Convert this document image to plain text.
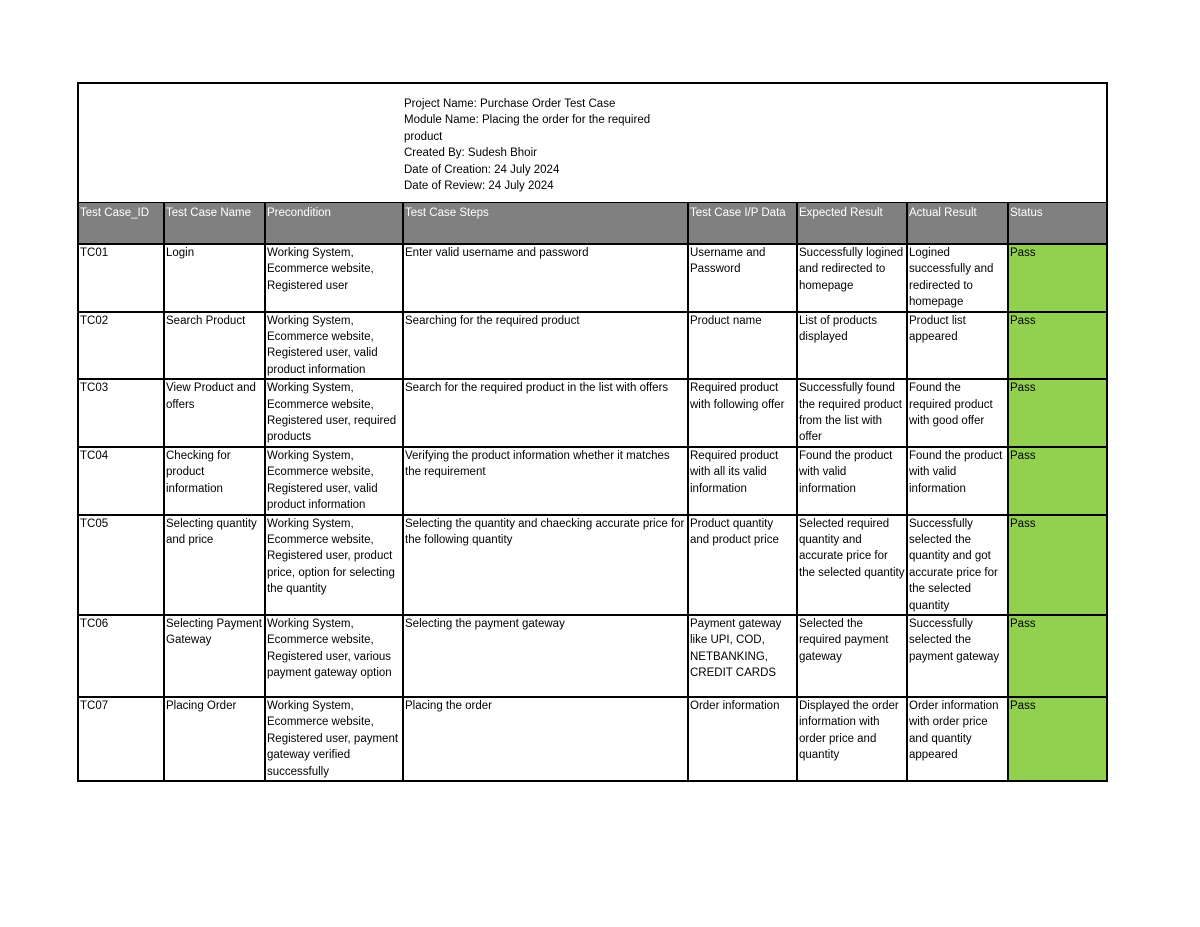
Project Name: Purchase Order Test Case
Module Name: Placing the order for the required product
Created By: Sudesh Bhoir
Date of Creation: 24 July 2024
Date of Review: 24 July 2024
Test Case_ID	Test Case Name	Precondition	Test Case Steps	Test Case I/P Data	Expected Result	Actual Result	Status
TC01	Login	Working System, Ecommerce website, Registered user	Enter valid username and password	Username and Password	Successfully logined and redirected to homepage	Logined successfully and redirected to homepage	Pass
TC02	Search Product	Working System, Ecommerce website, Registered user, valid product information	Searching for the required product	Product name	List of products displayed	Product list appeared	Pass
TC03	View Product and offers	Working System, Ecommerce website, Registered user, required products	Search for the required product in the list with offers	Required product with following offer	Successfully found the required product from the list with offer	Found the required product with good offer	Pass
TC04	Checking for product information	Working System, Ecommerce website, Registered user, valid product information	Verifying the product information whether it matches the requirement	Required product with all its valid information	Found the product with valid information	Found the product with valid information	Pass
TC05	Selecting quantity and price	Working System, Ecommerce website, Registered user, product price, option for selecting the quantity	Selecting the quantity and chaecking accurate price for the following quantity	Product quantity and product price	Selected required quantity and accurate price for the selected quantity	Successfully selected the quantity and got accurate price for the selected quantity	Pass
TC06	Selecting Payment Gateway	Working System, Ecommerce website, Registered user, various payment gateway option	Selecting the payment gateway	Payment gateway like UPI, COD, NETBANKING, CREDIT CARDS	Selected the required payment gateway	Successfully selected the payment gateway	Pass
TC07	Placing Order	Working System, Ecommerce website, Registered user, payment gateway verified successfully	Placing the order	Order information	Displayed the order information with order price and quantity	Order information with order price and quantity appeared	Pass
